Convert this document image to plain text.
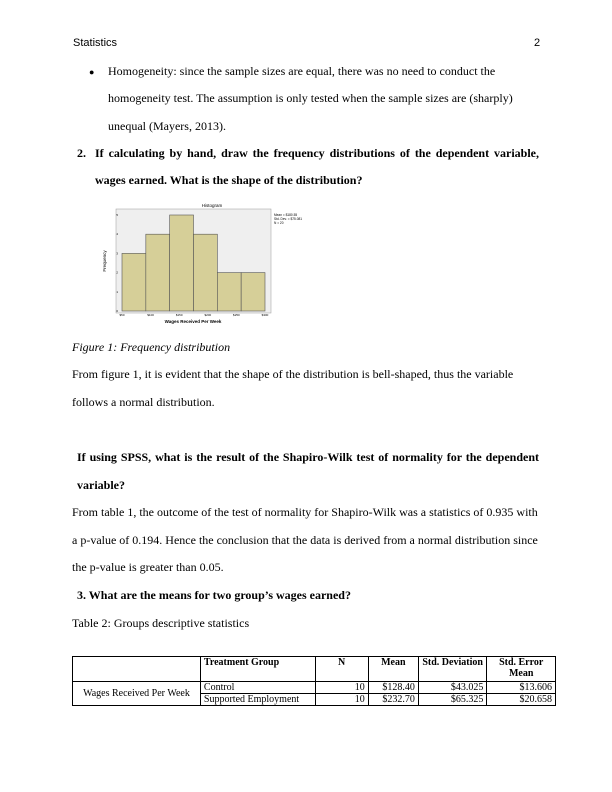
Statistics	2
● Homogeneity: since the sample sizes are equal, there was no need to conduct the
homogeneity test. The assumption is only tested when the sample sizes are (sharply)
unequal (Mayers, 2013).
2. If calculating by hand, draw the frequency distributions of the dependent variable,
wages earned. What is the shape of the distribution?
Histogram
Frequency
Wages Received Per Week
Mean = $180.55
Std. Dev. = $75.081
N = 20
$50	$100	$150	$200	$250	$300
0
1
2
3
4
5
Figure 1: Frequency distribution
From figure 1, it is evident that the shape of the distribution is bell-shaped, thus the variable
follows a normal distribution.
If using SPSS, what is the result of the Shapiro-Wilk test of normality for the dependent
variable?
From table 1, the outcome of the test of normality for Shapiro-Wilk was a statistics of 0.935 with
a p-value of 0.194. Hence the conclusion that the data is derived from a normal distribution since
the p-value is greater than 0.05.
3. What are the means for two group’s wages earned?
Table 2: Groups descriptive statistics
	Treatment Group	N	Mean	Std. Deviation	Std. Error Mean
Wages Received Per Week	Control	10	$128.40	$43.025	$13.606
	Supported Employment	10	$232.70	$65.325	$20.658
